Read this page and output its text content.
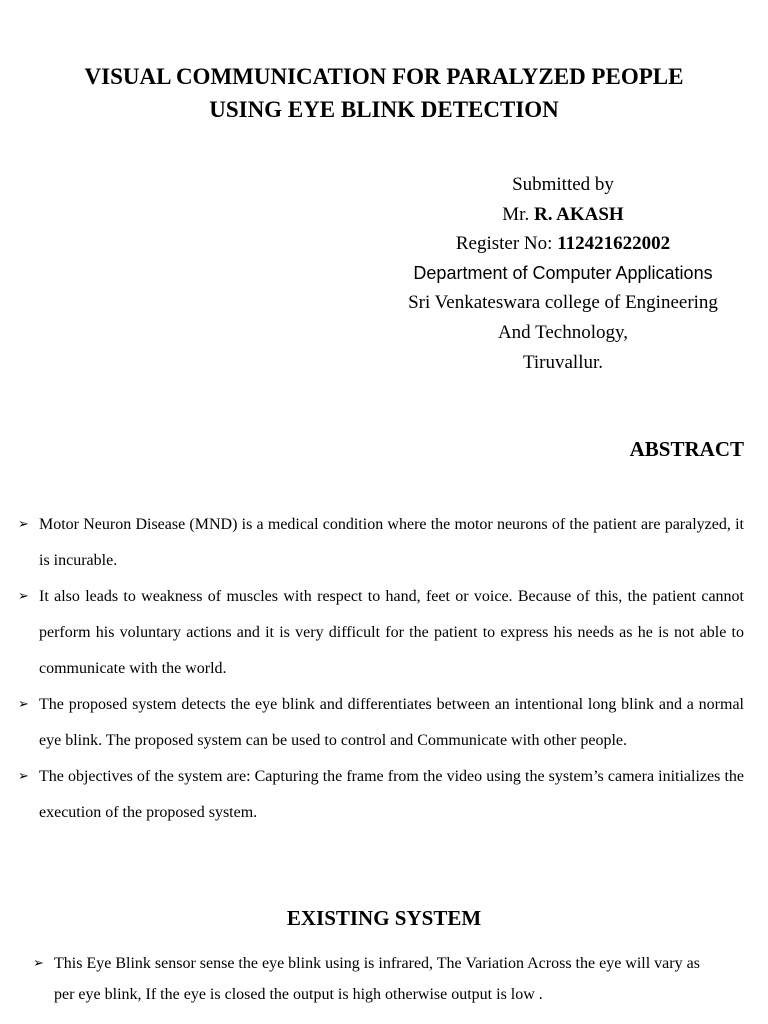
VISUAL COMMUNICATION FOR PARALYZED PEOPLE
USING EYE BLINK DETECTION
Submitted by
Mr. R. AKASH
Register No: 112421622002
Department of Computer Applications
Sri Venkateswara college of Engineering
And Technology,
Tiruvallur.
ABSTRACT
➢ Motor Neuron Disease (MND) is a medical condition where the motor neurons of the patient are paralyzed, it is incurable.
➢ It also leads to weakness of muscles with respect to hand, feet or voice. Because of this, the patient cannot perform his voluntary actions and it is very difficult for the patient to express his needs as he is not able to communicate with the world.
➢ The proposed system detects the eye blink and differentiates between an intentional long blink and a normal eye blink. The proposed system can be used to control and Communicate with other people.
➢ The objectives of the system are: Capturing the frame from the video using the system’s camera initializes the execution of the proposed system.
EXISTING SYSTEM
➢ This Eye Blink sensor sense the eye blink using is infrared, The Variation Across the eye will vary as per eye blink, If the eye is closed the output is high otherwise output is low .
